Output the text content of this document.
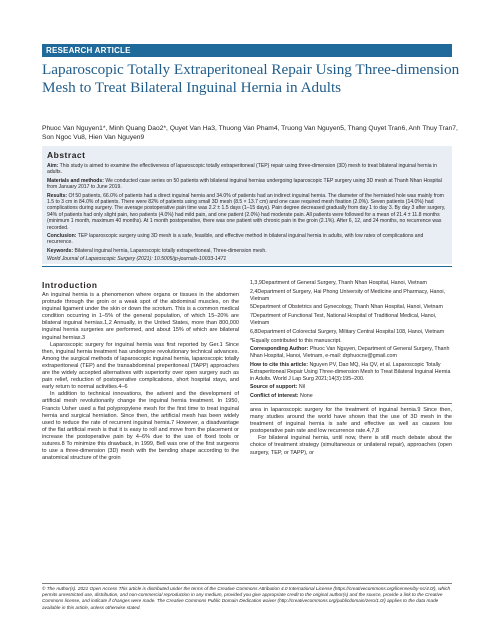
RESEARCH ARTICLE
Laparoscopic Totally Extraperitoneal Repair Using Three-dimension Mesh to Treat Bilateral Inguinal Hernia in Adults
Phuoc Van Nguyen1*, Minh Quang Dao2*, Quyet Van Ha3, Thuong Van Pham4, Truong Van Nguyen5, Thang Quyet Tran6, Anh Thuy Tran7, Son Ngoc Vu8, Hien Van Nguyen9
Abstract

Aim: This study is aimed to examine the effectiveness of laparoscopic totally extraperitoneal (TEP) repair using three-dimension (3D) mesh to treat bilateral inguinal hernia in adults.

Materials and methods: We conducted case series on 50 patients with bilateral inguinal hernias undergoing laparoscopic TEP surgery using 3D mesh at Thanh Nhan Hospital from January 2017 to June 2019.

Results: Of 50 patients, 66.0% of patients had a direct inguinal hernia and 34.0% of patients had an indirect inguinal hernia. The diameter of the herniated hole was mainly from 1.5 to 3 cm in 84.0% of patients. There were 82% of patients using small 3D mesh (8.5 × 13.7 cm) and one case required mesh fixation (2.0%). Seven patients (14.0%) had complications during surgery. The average postoperative pain time was 2.2 ± 1.5 days (1–15 days). Pain degree decreased gradually from day 1 to day 3. By day 3 after surgery, 94% of patients had only slight pain, two patients (4.0%) had mild pain, and one patient (2.0%) had moderate pain. All patients were followed for a mean of 21.4 ± 11.8 months (minimum 1 month, maximum 40 months). At 1 month postoperative, there was one patient with chronic pain in the groin (2.1%). After 6, 12, and 24 months, no recurrence was recorded.

Conclusion: TEP laparoscopic surgery using 3D mesh is a safe, feasible, and effective method in bilateral inguinal hernia in adults, with low rates of complications and recurrence.

Keywords: Bilateral inguinal hernia, Laparoscopic totally extraperitoneal, Three-dimension mesh.

World Journal of Laparoscopic Surgery (2021): 10.5005/jp-journals-10033-1471

Introduction

An inguinal hernia is a phenomenon where organs or tissues in the abdomen protrude through the groin or a weak spot of the abdominal muscles, on the inguinal ligament under the skin or down the scrotum. This is a common medical condition occurring in 1–5% of the general population, of which 15–20% are bilateral inguinal hernias.1,2 Annually, in the United States, more than 800,000 inguinal hernia surgeries are performed, and about 15% of which are bilateral inguinal hernias.3

Laparoscopic surgery for inguinal hernia was first reported by Ger.1 Since then, inguinal hernia treatment has undergone revolutionary technical advances. Among the surgical methods of laparoscopic inguinal hernia, laparoscopic totally extraperitoneal (TEP) and the transabdominal preperitoneal (TAPP) approaches are the widely accepted alternatives with superiority over open surgery such as pain relief, reduction of postoperative complications, short hospital stays, and early return to normal activities.4–6

In addition to technical innovations, the advent and the development of artificial mesh revolutionarily change the inguinal hernia treatment. In 1950, Francis Usher used a flat polypropylene mesh for the first time to treat inguinal hernia and surgical herniation. Since then, the artificial mesh has been widely used to reduce the rate of recurrent inguinal hernia.7 However, a disadvantage of the flat artificial mesh is that it is easy to roll and move from the placement or increase the postoperative pain by 4–6% due to the use of fixed tools or sutures.8 To minimize this drawback, in 1999, Bell was one of the first surgeons to use a three-dimension (3D) mesh with the bending shape according to the anatomical structure of the groin

1,3,9Department of General Surgery, Thanh Nhan Hospital, Hanoi, Vietnam

2,4Department of Surgery, Hai Phong University of Medicine and Pharmacy, Hanoi, Vietnam

5Department of Obstetrics and Gynecology, Thanh Nhan Hospital, Hanoi, Vietnam

7Department of Functional Test, National Hospital of Traditional Medical, Hanoi, Vietnam

6,8Department of Colorectal Surgery, Military Central Hospital 108, Hanoi, Vietnam

*Equally contributed to this manuscript.

Corresponding Author: Phuoc Van Nguyen, Department of General Surgery, Thanh Nhan Hospital, Hanoi, Vietnam, e-mail: drphuocnv@gmail.com

How to cite this article: Nguyen PV, Dao MQ, Ha QV, et al. Laparoscopic Totally Extraperitoneal Repair Using Three-dimension Mesh to Treat Bilateral Inguinal Hernia in Adults. World J Lap Surg 2021;14(3):195–200.

Source of support: Nil

Conflict of interest: None

area in laparoscopic surgery for the treatment of inguinal hernia.9 Since then, many studies around the world have shown that the use of 3D mesh in the treatment of inguinal hernia is safe and effective as well as causes low postoperative pain rate and low recurrence rate.4,7,8

For bilateral inguinal hernia, until now, there is still much debate about the choice of treatment strategy (simultaneous or unilateral repair), approaches (open surgery, TEP, or TAPP), or

© The Author(s). 2021 Open Access This article is distributed under the terms of the Creative Commons Attribution 4.0 International License (https://creativecommons.org/licenses/by-nc/4.0/), which permits unrestricted use, distribution, and non-commercial reproduction in any medium, provided you give appropriate credit to the original author(s) and the source, provide a link to the Creative Commons license, and indicate if changes were made. The Creative Commons Public Domain Dedication waiver (http://creativecommons.org/publicdomain/zero/1.0/) applies to the data made available in this article, unless otherwise stated.
